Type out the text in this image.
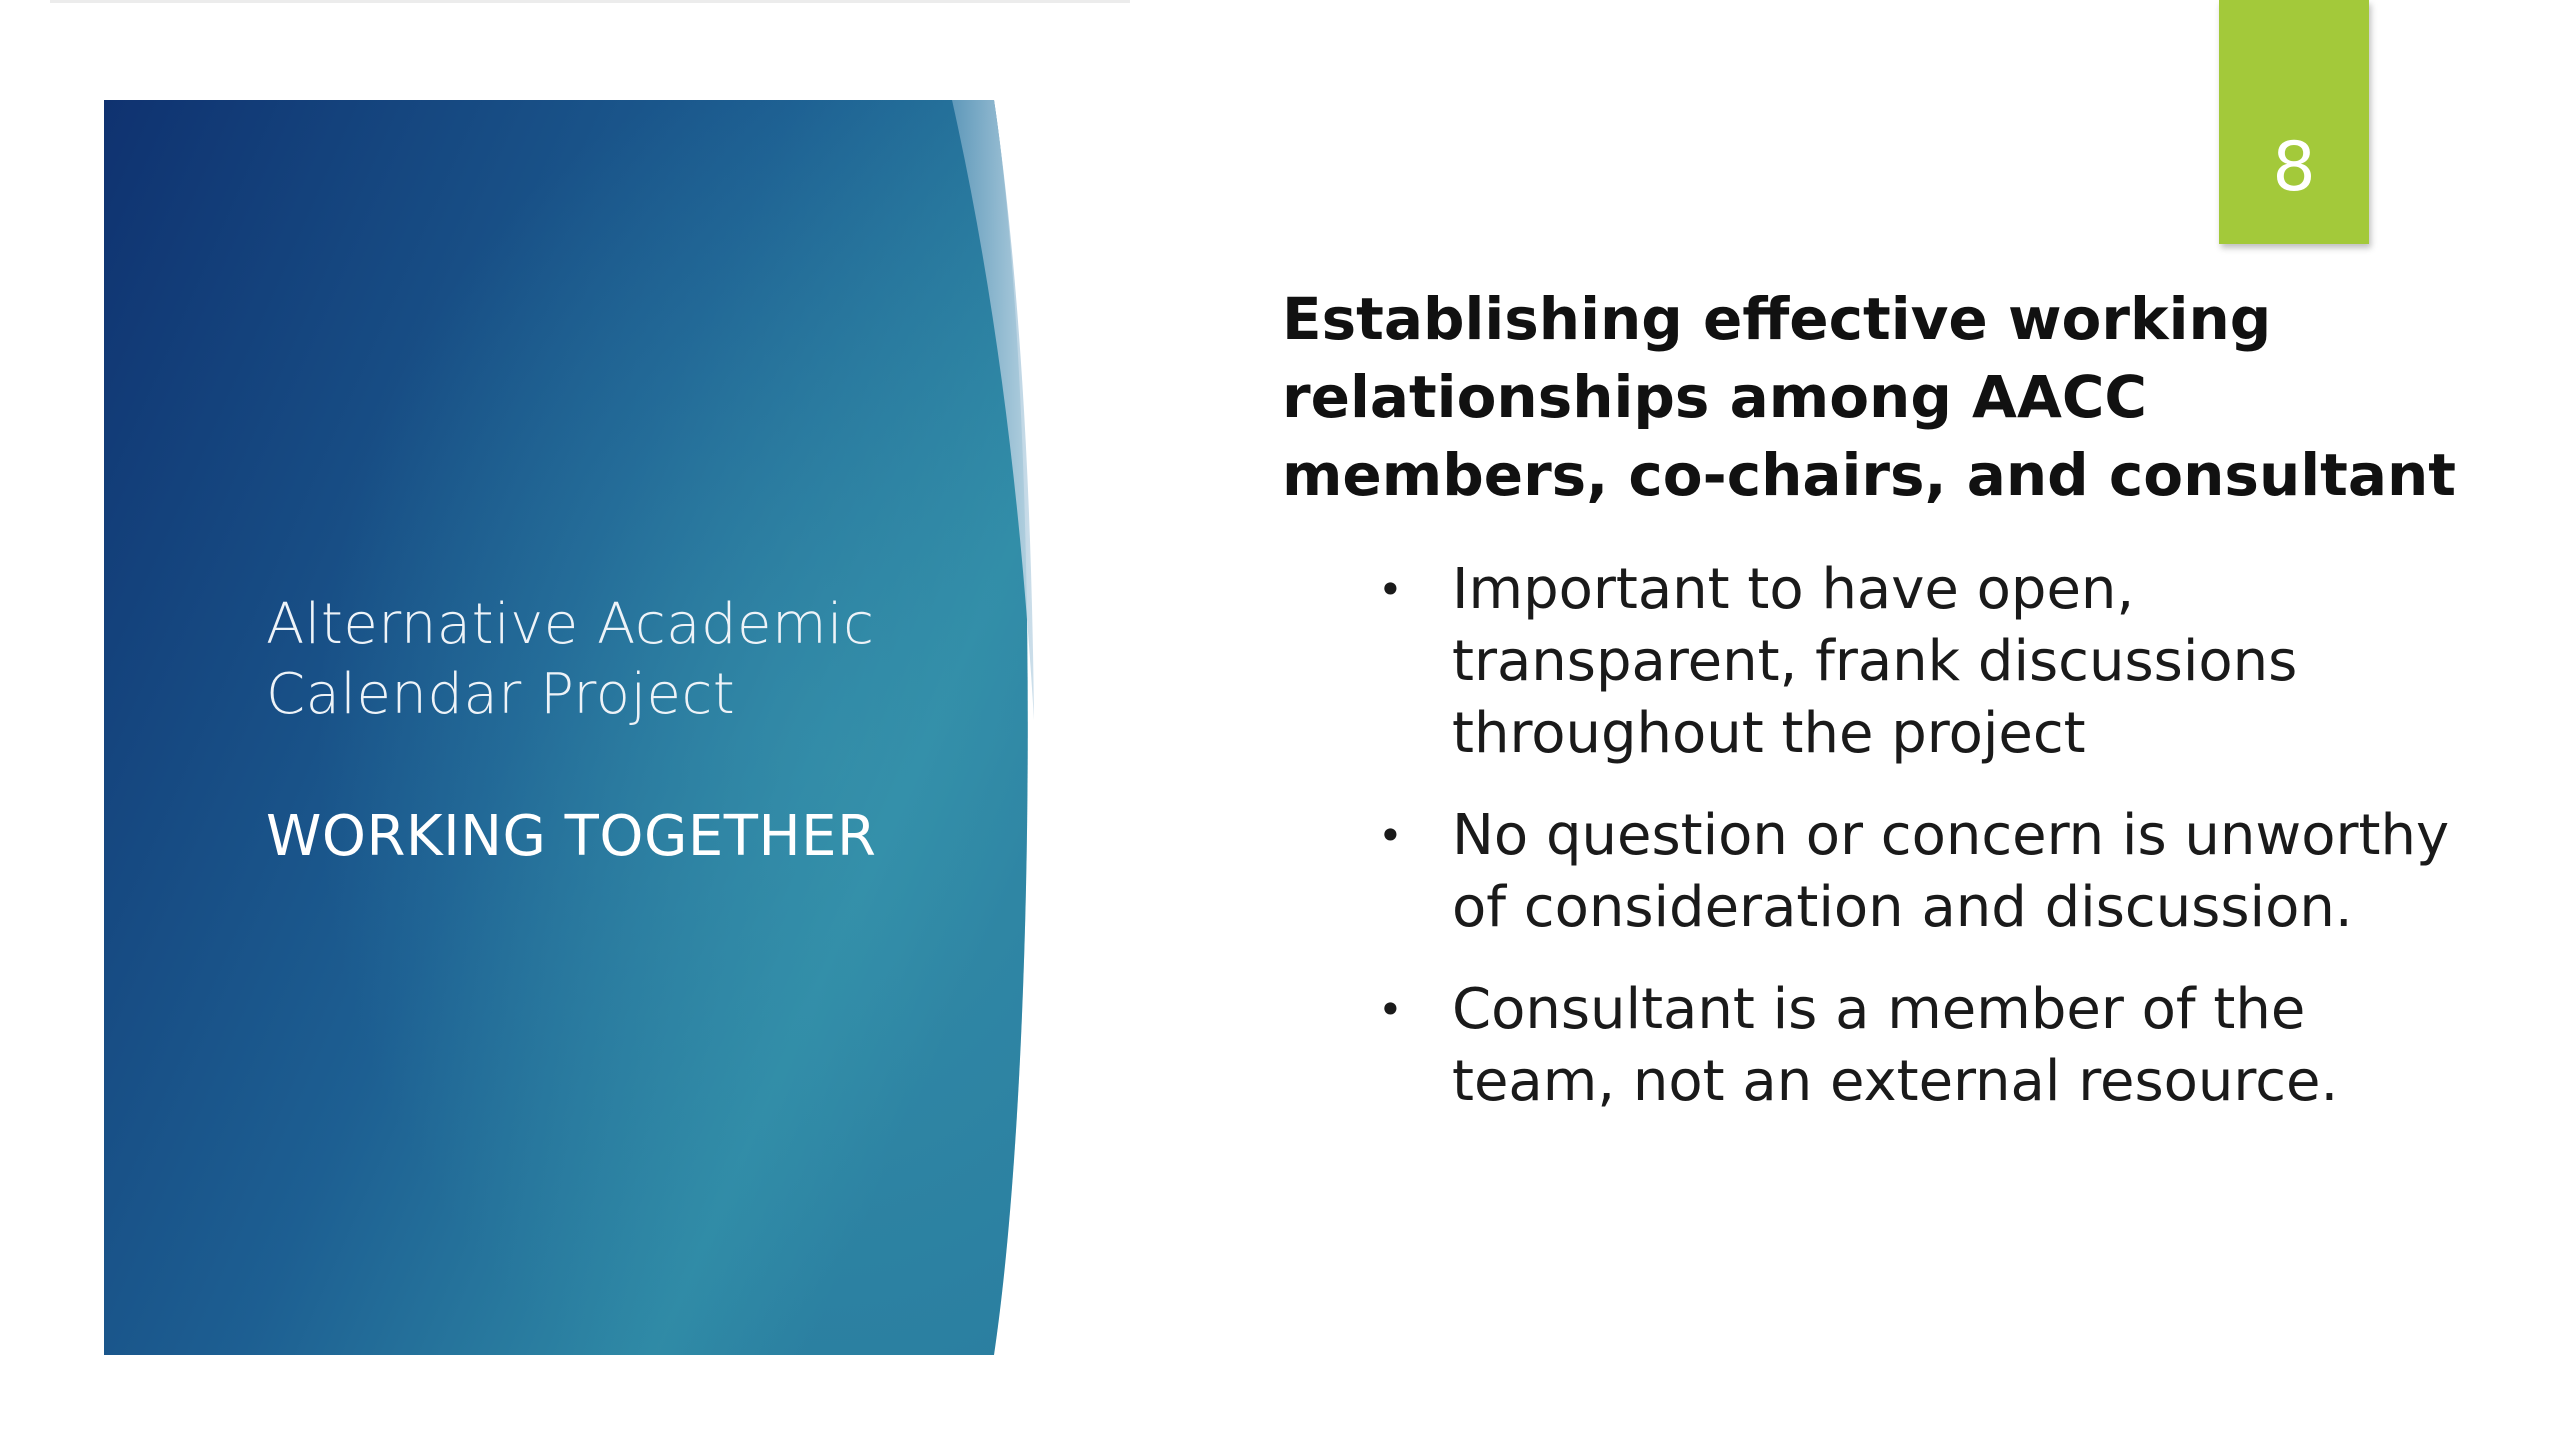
Alternative Academic Calendar Project
WORKING TOGETHER
8
Establishing effective working relationships among AACC members, co-chairs, and consultant
• Important to have open, transparent, frank discussions throughout the project
• No question or concern is unworthy of consideration and discussion.
• Consultant is a member of the team, not an external resource.
